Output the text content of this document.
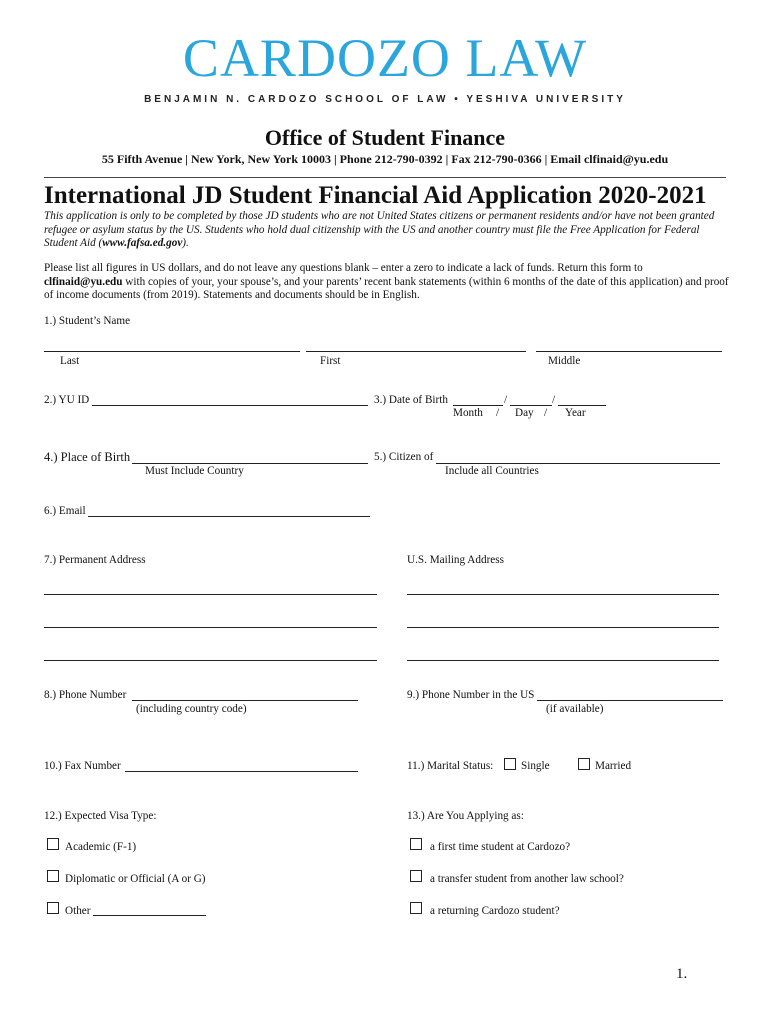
CARDOZO LAW
BENJAMIN N. CARDOZO SCHOOL OF LAW • YESHIVA UNIVERSITY
Office of Student Finance
55 Fifth Avenue | New York, New York 10003 | Phone 212-790-0392 | Fax 212-790-0366 | Email clfinaid@yu.edu
International JD Student Financial Aid Application 2020-2021
This application is only to be completed by those JD students who are not United States citizens or permanent residents and/or have not been granted refugee or asylum status by the US. Students who hold dual citizenship with the US and another country must file the Free Application for Federal Student Aid (www.fafsa.ed.gov).
Please list all figures in US dollars, and do not leave any questions blank – enter a zero to indicate a lack of funds. Return this form to
clfinaid@yu.edu with copies of your, your spouse’s, and your parents’ recent bank statements (within 6 months of the date of this application) and proof of income documents (from 2019). Statements and documents should be in English.
1.) Student’s Name
Last	First	Middle
2.) YU ID	3.) Date of Birth	/	/
Month / Day / Year
4.) Place of Birth
Must Include Country
5.) Citizen of
Include all Countries
6.) Email
7.) Permanent Address	U.S. Mailing Address
8.) Phone Number
(including country code)
9.) Phone Number in the US
(if available)
10.) Fax Number	11.) Marital Status: Single	Married
12.) Expected Visa Type:	13.) Are You Applying as:
Academic (F-1)
Diplomatic or Official (A or G)
Other
a first time student at Cardozo?
a transfer student from another law school?
a returning Cardozo student?
1.
